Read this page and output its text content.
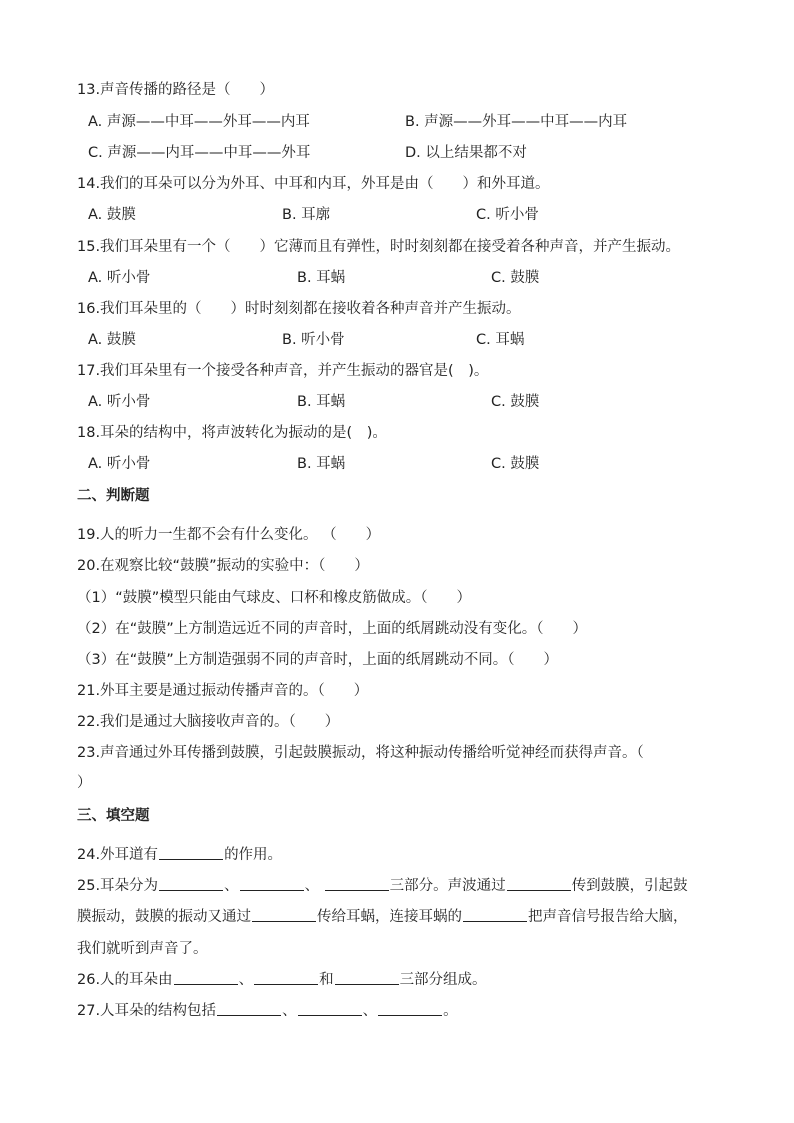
13.声音传播的路径是（　　）
A. 声源——中耳——外耳——内耳	B. 声源——外耳——中耳——内耳
C. 声源——内耳——中耳——外耳	D. 以上结果都不对
14.我们的耳朵可以分为外耳、中耳和内耳，外耳是由（　　）和外耳道。
A. 鼓膜	B. 耳廓	C. 听小骨
15.我们耳朵里有一个（　　）它薄而且有弹性，时时刻刻都在接受着各种声音，并产生振动。
A. 听小骨	B. 耳蜗	C. 鼓膜
16.我们耳朵里的（　　）时时刻刻都在接收着各种声音并产生振动。
A. 鼓膜	B. 听小骨	C. 耳蜗
17.我们耳朵里有一个接受各种声音，并产生振动的器官是(　)。
A. 听小骨	B. 耳蜗	C. 鼓膜
18.耳朵的结构中，将声波转化为振动的是(　)。
A. 听小骨	B. 耳蜗	C. 鼓膜
二、判断题
19.人的听力一生都不会有什么变化。 （　　）
20.在观察比较“鼓膜”振动的实验中：（　　）
（1）“鼓膜”模型只能由气球皮、口杯和橡皮筋做成。（　　）
（2）在“鼓膜”上方制造远近不同的声音时，上面的纸屑跳动没有变化。（　　）
（3）在“鼓膜”上方制造强弱不同的声音时，上面的纸屑跳动不同。（　　）
21.外耳主要是通过振动传播声音的。（　　）
22.我们是通过大脑接收声音的。（　　）
23.声音通过外耳传播到鼓膜，引起鼓膜振动，将这种振动传播给听觉神经而获得声音。（
）
三、填空题
24.外耳道有	的作用。
25.耳朵分为	、	、	三部分。声波通过	传到鼓膜，引起鼓
膜振动，鼓膜的振动又通过	传给耳蜗，连接耳蜗的	把声音信号报告给大脑，
我们就听到声音了。
26.人的耳朵由	、	和	三部分组成。
27.人耳朵的结构包括	、	、	。
